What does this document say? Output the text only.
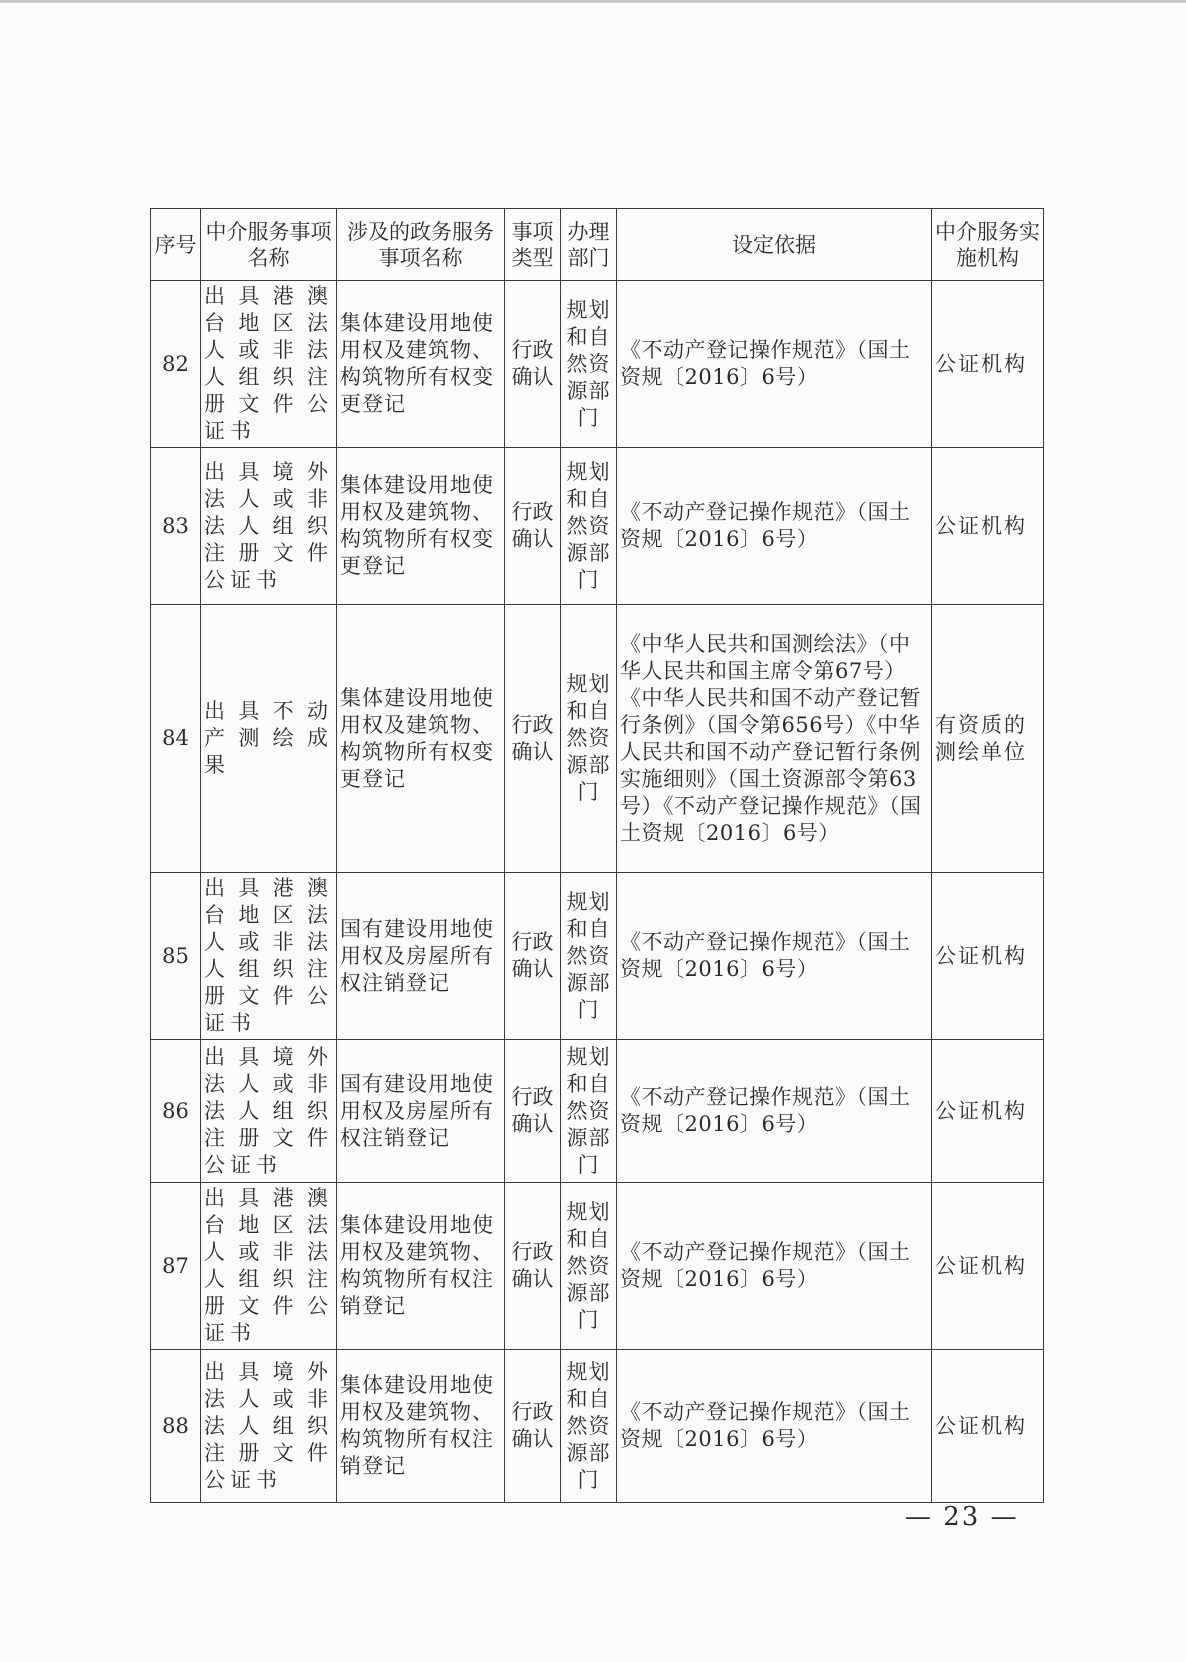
序号	中介服务事项名称	涉及的政务服务事项名称	事项类型	办理部门	设定依据	中介服务实施机构
82	出具港澳台地区法人或非法人组织注册文件公证书	集体建设用地使用权及建筑物、构筑物所有权变更登记	行政确认	规划和自然资源部门	《不动产登记操作规范》（国土资规〔2016〕6号）	公证机构
83	出具境外法人或非法人组织注册文件公证书	集体建设用地使用权及建筑物、构筑物所有权变更登记	行政确认	规划和自然资源部门	《不动产登记操作规范》（国土资规〔2016〕6号）	公证机构
84	出具不动产测绘成果	集体建设用地使用权及建筑物、构筑物所有权变更登记	行政确认	规划和自然资源部门	《中华人民共和国测绘法》（中华人民共和国主席令第67号）《中华人民共和国不动产登记暂行条例》（国令第656号）《中华人民共和国不动产登记暂行条例实施细则》（国土资源部令第63号）《不动产登记操作规范》（国土资规〔2016〕6号）	有资质的测绘单位
85	出具港澳台地区法人或非法人组织注册文件公证书	国有建设用地使用权及房屋所有权注销登记	行政确认	规划和自然资源部门	《不动产登记操作规范》（国土资规〔2016〕6号）	公证机构
86	出具境外法人或非法人组织注册文件公证书	国有建设用地使用权及房屋所有权注销登记	行政确认	规划和自然资源部门	《不动产登记操作规范》（国土资规〔2016〕6号）	公证机构
87	出具港澳台地区法人或非法人组织注册文件公证书	集体建设用地使用权及建筑物、构筑物所有权注销登记	行政确认	规划和自然资源部门	《不动产登记操作规范》（国土资规〔2016〕6号）	公证机构
88	出具境外法人或非法人组织注册文件公证书	集体建设用地使用权及建筑物、构筑物所有权注销登记	行政确认	规划和自然资源部门	《不动产登记操作规范》（国土资规〔2016〕6号）	公证机构
— 23 —
